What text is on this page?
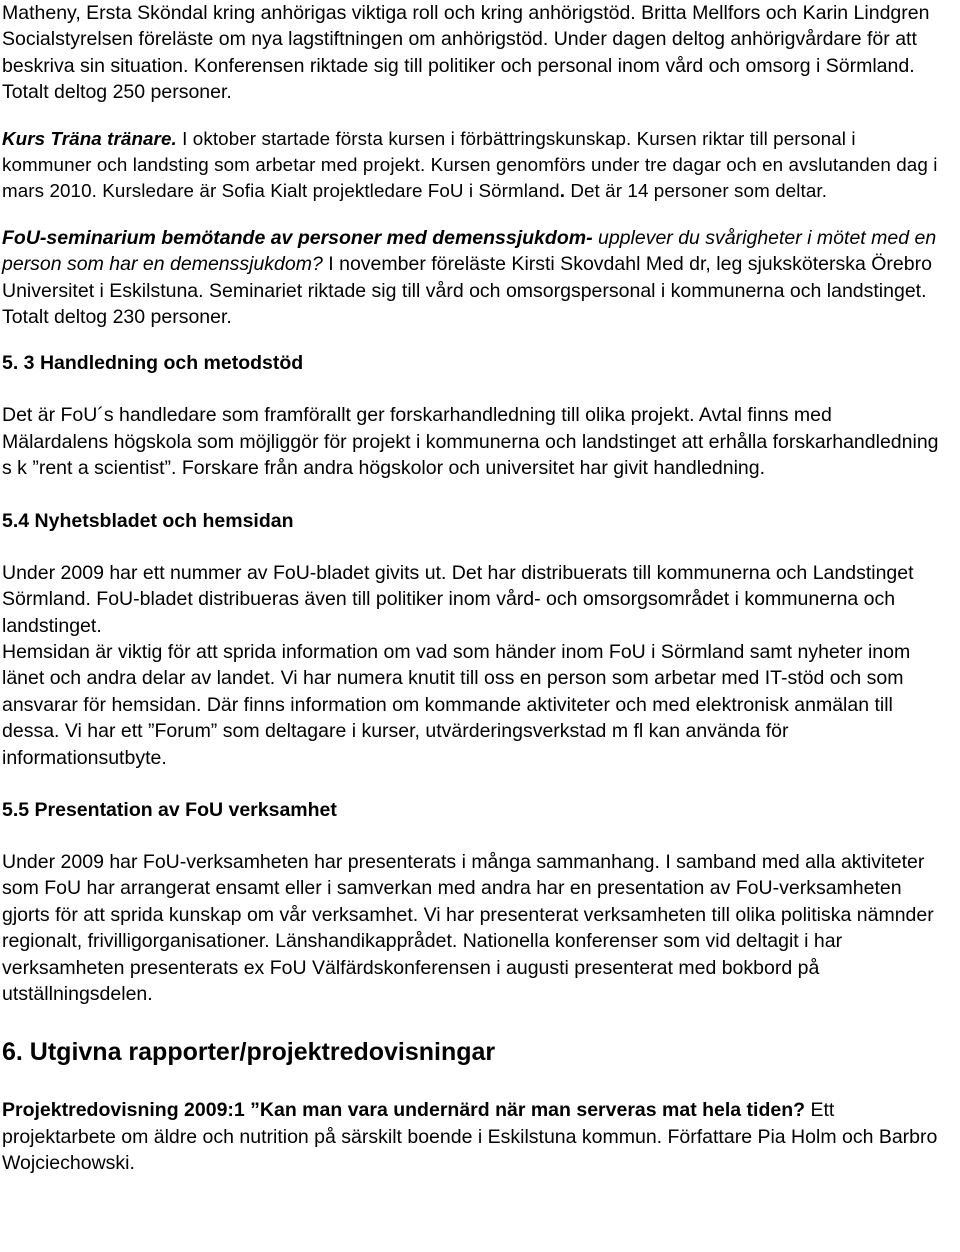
Matheny, Ersta Sköndal kring anhörigas viktiga roll och kring anhörigstöd. Britta Mellfors och Karin Lindgren Socialstyrelsen föreläste om nya lagstiftningen om anhörigstöd. Under dagen deltog anhörigvårdare för att beskriva sin situation. Konferensen riktade sig till politiker och personal inom vård och omsorg i Sörmland. Totalt deltog 250 personer.

Kurs Träna tränare. I oktober startade första kursen i förbättringskunskap. Kursen riktar till personal i kommuner och landsting som arbetar med projekt. Kursen genomförs under tre dagar och en avslutanden dag i mars 2010. Kursledare är Sofia Kialt projektledare FoU i Sörmland. Det är 14 personer som deltar.

FoU-seminarium bemötande av personer med demenssjukdom- upplever du svårigheter i mötet med en person som har en demenssjukdom? I november föreläste Kirsti Skovdahl Med dr, leg sjuksköterska Örebro Universitet i Eskilstuna. Seminariet riktade sig till vård och omsorgspersonal i kommunerna och landstinget. Totalt deltog 230 personer.

5. 3 Handledning och metodstöd

Det är FoU´s handledare som framförallt ger forskarhandledning till olika projekt. Avtal finns med Mälardalens högskola som möjliggör för projekt i kommunerna och landstinget att erhålla forskarhandledning s k ”rent a scientist”. Forskare från andra högskolor och universitet har givit handledning.

5.4 Nyhetsbladet och hemsidan

Under 2009 har ett nummer av FoU-bladet givits ut. Det har distribuerats till kommunerna och Landstinget Sörmland. FoU-bladet distribueras även till politiker inom vård- och omsorgsområdet i kommunerna och landstinget.

Hemsidan är viktig för att sprida information om vad som händer inom FoU i Sörmland samt nyheter inom länet och andra delar av landet. Vi har numera knutit till oss en person som arbetar med IT-stöd och som ansvarar för hemsidan. Där finns information om kommande aktiviteter och med elektronisk anmälan till dessa. Vi har ett ”Forum” som deltagare i kurser, utvärderingsverkstad m fl kan använda för informationsutbyte.

5.5 Presentation av FoU verksamhet

Under 2009 har FoU-verksamheten har presenterats i många sammanhang. I samband med alla aktiviteter som FoU har arrangerat ensamt eller i samverkan med andra har en presentation av FoU-verksamheten gjorts för att sprida kunskap om vår verksamhet. Vi har presenterat verksamheten till olika politiska nämnder regionalt, frivilligorganisationer. Länshandikapprådet. Nationella konferenser som vid deltagit i har verksamheten presenterats ex FoU Välfärdskonferensen i augusti presenterat med bokbord på utställningsdelen.

6. Utgivna rapporter/projektredovisningar

Projektredovisning 2009:1 ”Kan man vara undernärd när man serveras mat hela tiden? Ett projektarbete om äldre och nutrition på särskilt boende i Eskilstuna kommun. Författare Pia Holm och Barbro Wojciechowski.
